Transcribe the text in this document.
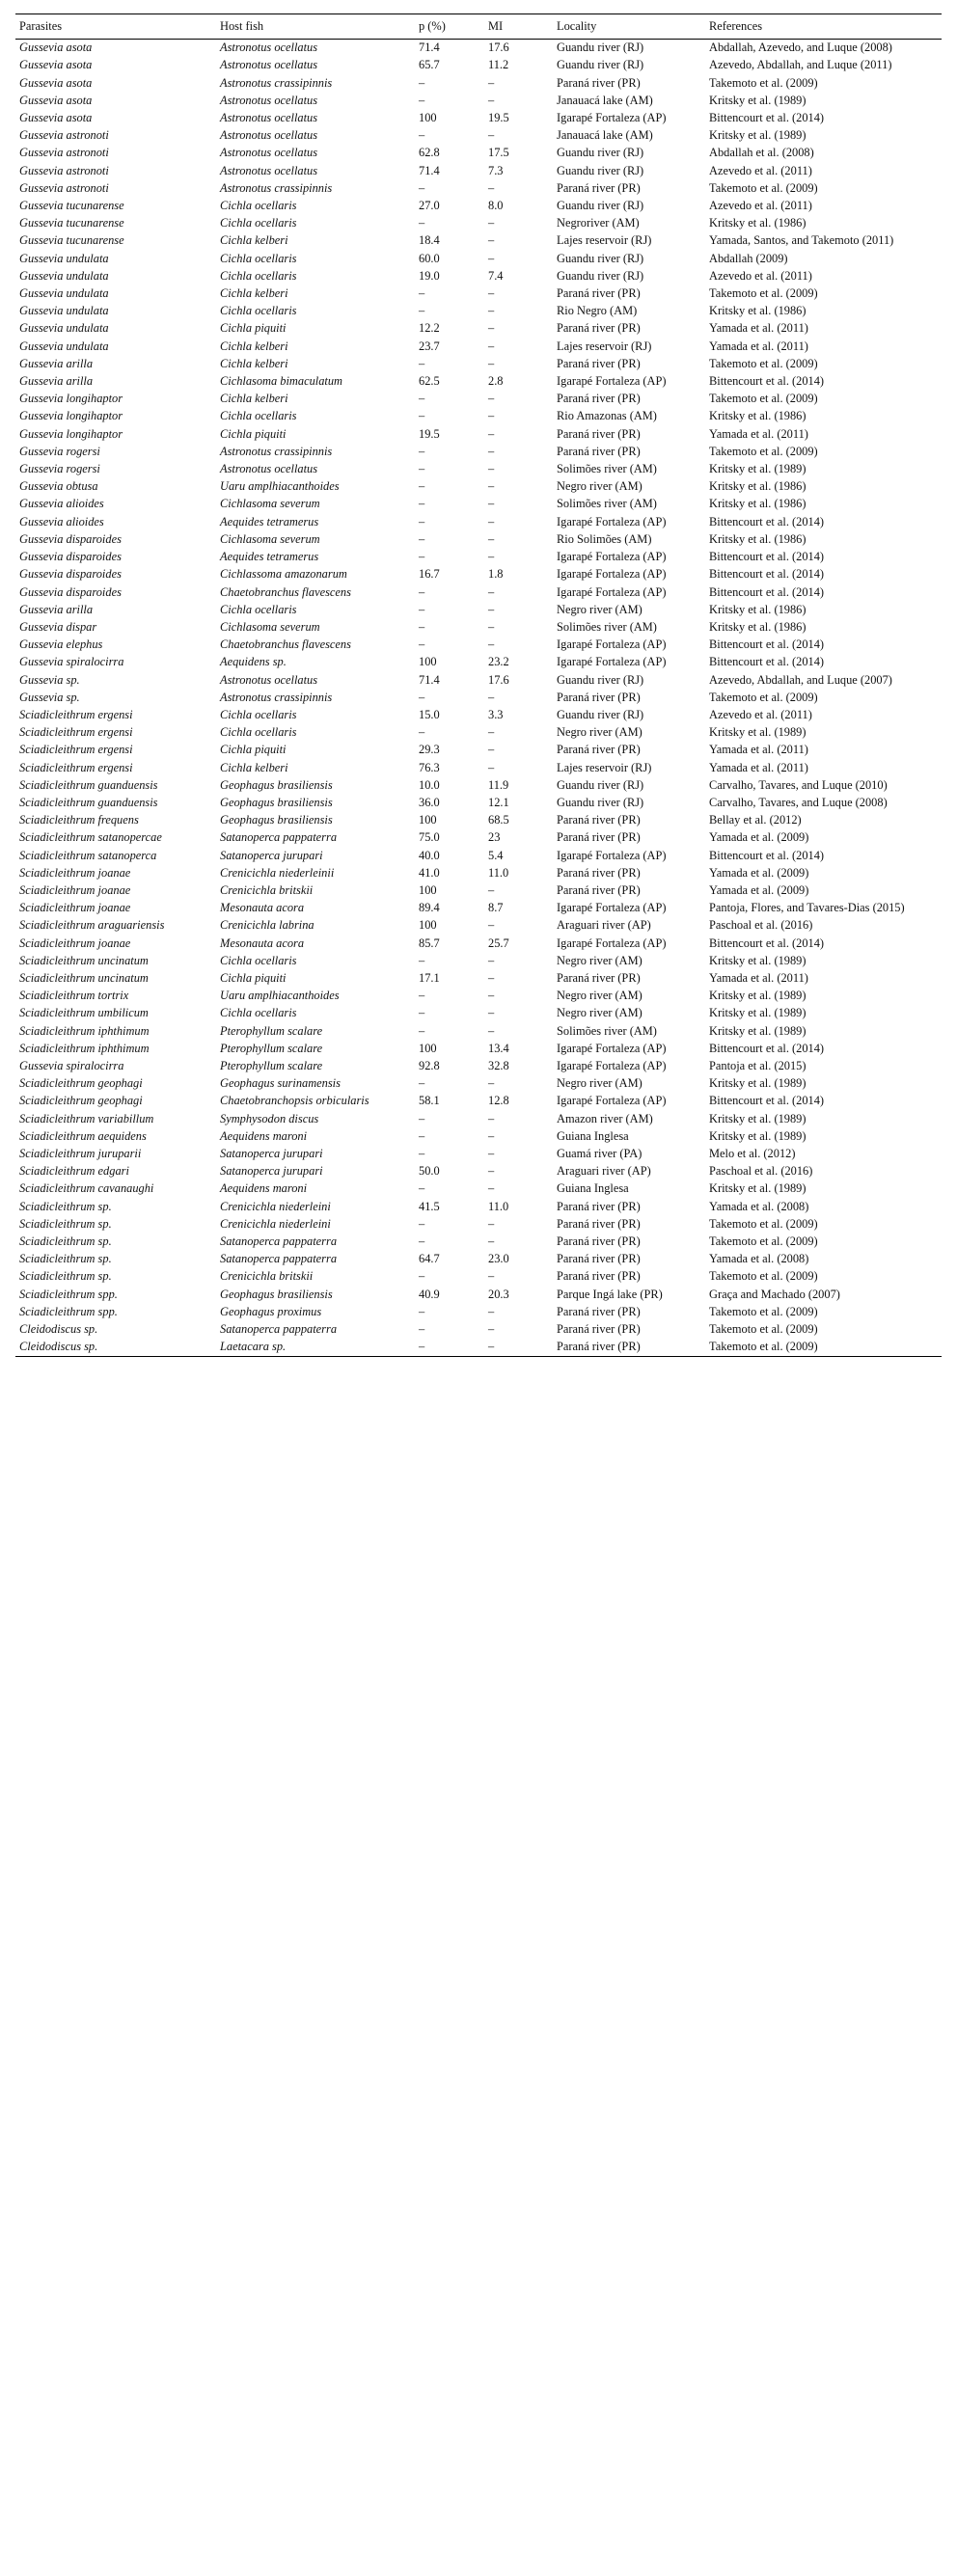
Parasites	Host fish	p (%)	MI	Locality	References
Gussevia asota	Astronotus ocellatus	71.4	17.6	Guandu river (RJ)	Abdallah, Azevedo, and Luque (2008)
Gussevia asota	Astronotus ocellatus	65.7	11.2	Guandu river (RJ)	Azevedo, Abdallah, and Luque (2011)
Gussevia asota	Astronotus crassipinnis	–	–	Paraná river (PR)	Takemoto et al. (2009)
Gussevia asota	Astronotus ocellatus	–	–	Janauacá lake (AM)	Kritsky et al. (1989)
Gussevia asota	Astronotus ocellatus	100	19.5	Igarapé Fortaleza (AP)	Bittencourt et al. (2014)
Gussevia astronoti	Astronotus ocellatus	–	–	Janauacá lake (AM)	Kritsky et al. (1989)
Gussevia astronoti	Astronotus ocellatus	62.8	17.5	Guandu river (RJ)	Abdallah et al. (2008)
Gussevia astronoti	Astronotus ocellatus	71.4	7.3	Guandu river (RJ)	Azevedo et al. (2011)
Gussevia astronoti	Astronotus crassipinnis	–	–	Paraná river (PR)	Takemoto et al. (2009)
Gussevia tucunarense	Cichla ocellaris	27.0	8.0	Guandu river (RJ)	Azevedo et al. (2011)
Gussevia tucunarense	Cichla ocellaris	–	–	Negroriver (AM)	Kritsky et al. (1986)
Gussevia tucunarense	Cichla kelberi	18.4	–	Lajes reservoir (RJ)	Yamada, Santos, and Takemoto (2011)
Gussevia undulata	Cichla ocellaris	60.0	–	Guandu river (RJ)	Abdallah (2009)
Gussevia undulata	Cichla ocellaris	19.0	7.4	Guandu river (RJ)	Azevedo et al. (2011)
Gussevia undulata	Cichla kelberi	–	–	Paraná river (PR)	Takemoto et al. (2009)
Gussevia undulata	Cichla ocellaris	–	–	Rio Negro (AM)	Kritsky et al. (1986)
Gussevia undulata	Cichla piquiti	12.2	–	Paraná river (PR)	Yamada et al. (2011)
Gussevia undulata	Cichla kelberi	23.7	–	Lajes reservoir (RJ)	Yamada et al. (2011)
Gussevia arilla	Cichla kelberi	–	–	Paraná river (PR)	Takemoto et al. (2009)
Gussevia arilla	Cichlasoma bimaculatum	62.5	2.8	Igarapé Fortaleza (AP)	Bittencourt et al. (2014)
Gussevia longihaptor	Cichla kelberi	–	–	Paraná river (PR)	Takemoto et al. (2009)
Gussevia longihaptor	Cichla ocellaris	–	–	Rio Amazonas (AM)	Kritsky et al. (1986)
Gussevia longihaptor	Cichla piquiti	19.5	–	Paraná river (PR)	Yamada et al. (2011)
Gussevia rogersi	Astronotus crassipinnis	–	–	Paraná river (PR)	Takemoto et al. (2009)
Gussevia rogersi	Astronotus ocellatus	–	–	Solimões river (AM)	Kritsky et al. (1989)
Gussevia obtusa	Uaru amplhiacanthoides	–	–	Negro river (AM)	Kritsky et al. (1986)
Gussevia alioides	Cichlasoma severum	–	–	Solimões river (AM)	Kritsky et al. (1986)
Gussevia alioides	Aequides tetramerus	–	–	Igarapé Fortaleza (AP)	Bittencourt et al. (2014)
Gussevia disparoides	Cichlasoma severum	–	–	Rio Solimões (AM)	Kritsky et al. (1986)
Gussevia disparoides	Aequides tetramerus	–	–	Igarapé Fortaleza (AP)	Bittencourt et al. (2014)
Gussevia disparoides	Cichlassoma amazonarum	16.7	1.8	Igarapé Fortaleza (AP)	Bittencourt et al. (2014)
Gussevia disparoides	Chaetobranchus flavescens	–	–	Igarapé Fortaleza (AP)	Bittencourt et al. (2014)
Gussevia arilla	Cichla ocellaris	–	–	Negro river (AM)	Kritsky et al. (1986)
Gussevia dispar	Cichlasoma severum	–	–	Solimões river (AM)	Kritsky et al. (1986)
Gussevia elephus	Chaetobranchus flavescens	–	–	Igarapé Fortaleza (AP)	Bittencourt et al. (2014)
Gussevia spiralocirra	Aequidens sp.	100	23.2	Igarapé Fortaleza (AP)	Bittencourt et al. (2014)
Gussevia sp.	Astronotus ocellatus	71.4	17.6	Guandu river (RJ)	Azevedo, Abdallah, and Luque (2007)
Gussevia sp.	Astronotus crassipinnis	–	–	Paraná river (PR)	Takemoto et al. (2009)
Sciadicleithrum ergensi	Cichla ocellaris	15.0	3.3	Guandu river (RJ)	Azevedo et al. (2011)
Sciadicleithrum ergensi	Cichla ocellaris	–	–	Negro river (AM)	Kritsky et al. (1989)
Sciadicleithrum ergensi	Cichla piquiti	29.3	–	Paraná river (PR)	Yamada et al. (2011)
Sciadicleithrum ergensi	Cichla kelberi	76.3	–	Lajes reservoir (RJ)	Yamada et al. (2011)
Sciadicleithrum guanduensis	Geophagus brasiliensis	10.0	11.9	Guandu river (RJ)	Carvalho, Tavares, and Luque (2010)
Sciadicleithrum guanduensis	Geophagus brasiliensis	36.0	12.1	Guandu river (RJ)	Carvalho, Tavares, and Luque (2008)
Sciadicleithrum frequens	Geophagus brasiliensis	100	68.5	Paraná river (PR)	Bellay et al. (2012)
Sciadicleithrum satanopercae	Satanoperca pappaterra	75.0	23	Paraná river (PR)	Yamada et al. (2009)
Sciadicleithrum satanoperca	Satanoperca jurupari	40.0	5.4	Igarapé Fortaleza (AP)	Bittencourt et al. (2014)
Sciadicleithrum joanae	Crenicichla niederleinii	41.0	11.0	Paraná river (PR)	Yamada et al. (2009)
Sciadicleithrum joanae	Crenicichla britskii	100	–	Paraná river (PR)	Yamada et al. (2009)
Sciadicleithrum joanae	Mesonauta acora	89.4	8.7	Igarapé Fortaleza (AP)	Pantoja, Flores, and Tavares-Dias (2015)
Sciadicleithrum araguariensis	Crenicichla labrina	100	–	Araguari river (AP)	Paschoal et al. (2016)
Sciadicleithrum joanae	Mesonauta acora	85.7	25.7	Igarapé Fortaleza (AP)	Bittencourt et al. (2014)
Sciadicleithrum uncinatum	Cichla ocellaris	–	–	Negro river (AM)	Kritsky et al. (1989)
Sciadicleithrum uncinatum	Cichla piquiti	17.1	–	Paraná river (PR)	Yamada et al. (2011)
Sciadicleithrum tortrix	Uaru amplhiacanthoides	–	–	Negro river (AM)	Kritsky et al. (1989)
Sciadicleithrum umbilicum	Cichla ocellaris	–	–	Negro river (AM)	Kritsky et al. (1989)
Sciadicleithrum iphthimum	Pterophyllum scalare	–	–	Solimões river (AM)	Kritsky et al. (1989)
Sciadicleithrum iphthimum	Pterophyllum scalare	100	13.4	Igarapé Fortaleza (AP)	Bittencourt et al. (2014)
Gussevia spiralocirra	Pterophyllum scalare	92.8	32.8	Igarapé Fortaleza (AP)	Pantoja et al. (2015)
Sciadicleithrum geophagi	Geophagus surinamensis	–	–	Negro river (AM)	Kritsky et al. (1989)
Sciadicleithrum geophagi	Chaetobranchopsis orbicularis	58.1	12.8	Igarapé Fortaleza (AP)	Bittencourt et al. (2014)
Sciadicleithrum variabillum	Symphysodon discus	–	–	Amazon river (AM)	Kritsky et al. (1989)
Sciadicleithrum aequidens	Aequidens maroni	–	–	Guiana Inglesa	Kritsky et al. (1989)
Sciadicleithrum juruparii	Satanoperca jurupari	–	–	Guamá river (PA)	Melo et al. (2012)
Sciadicleithrum edgari	Satanoperca jurupari	50.0	–	Araguari river (AP)	Paschoal et al. (2016)
Sciadicleithrum cavanaughi	Aequidens maroni	–	–	Guiana Inglesa	Kritsky et al. (1989)
Sciadicleithrum sp.	Crenicichla niederleini	41.5	11.0	Paraná river (PR)	Yamada et al. (2008)
Sciadicleithrum sp.	Crenicichla niederleini	–	–	Paraná river (PR)	Takemoto et al. (2009)
Sciadicleithrum sp.	Satanoperca pappaterra	–	–	Paraná river (PR)	Takemoto et al. (2009)
Sciadicleithrum sp.	Satanoperca pappaterra	64.7	23.0	Paraná river (PR)	Yamada et al. (2008)
Sciadicleithrum sp.	Crenicichla britskii	–	–	Paraná river (PR)	Takemoto et al. (2009)
Sciadicleithrum spp.	Geophagus brasiliensis	40.9	20.3	Parque Ingá lake (PR)	Graça and Machado (2007)
Sciadicleithrum spp.	Geophagus proximus	–	–	Paraná river (PR)	Takemoto et al. (2009)
Cleidodiscus sp.	Satanoperca pappaterra	–	–	Paraná river (PR)	Takemoto et al. (2009)
Cleidodiscus sp.	Laetacara sp.	–	–	Paraná river (PR)	Takemoto et al. (2009)
